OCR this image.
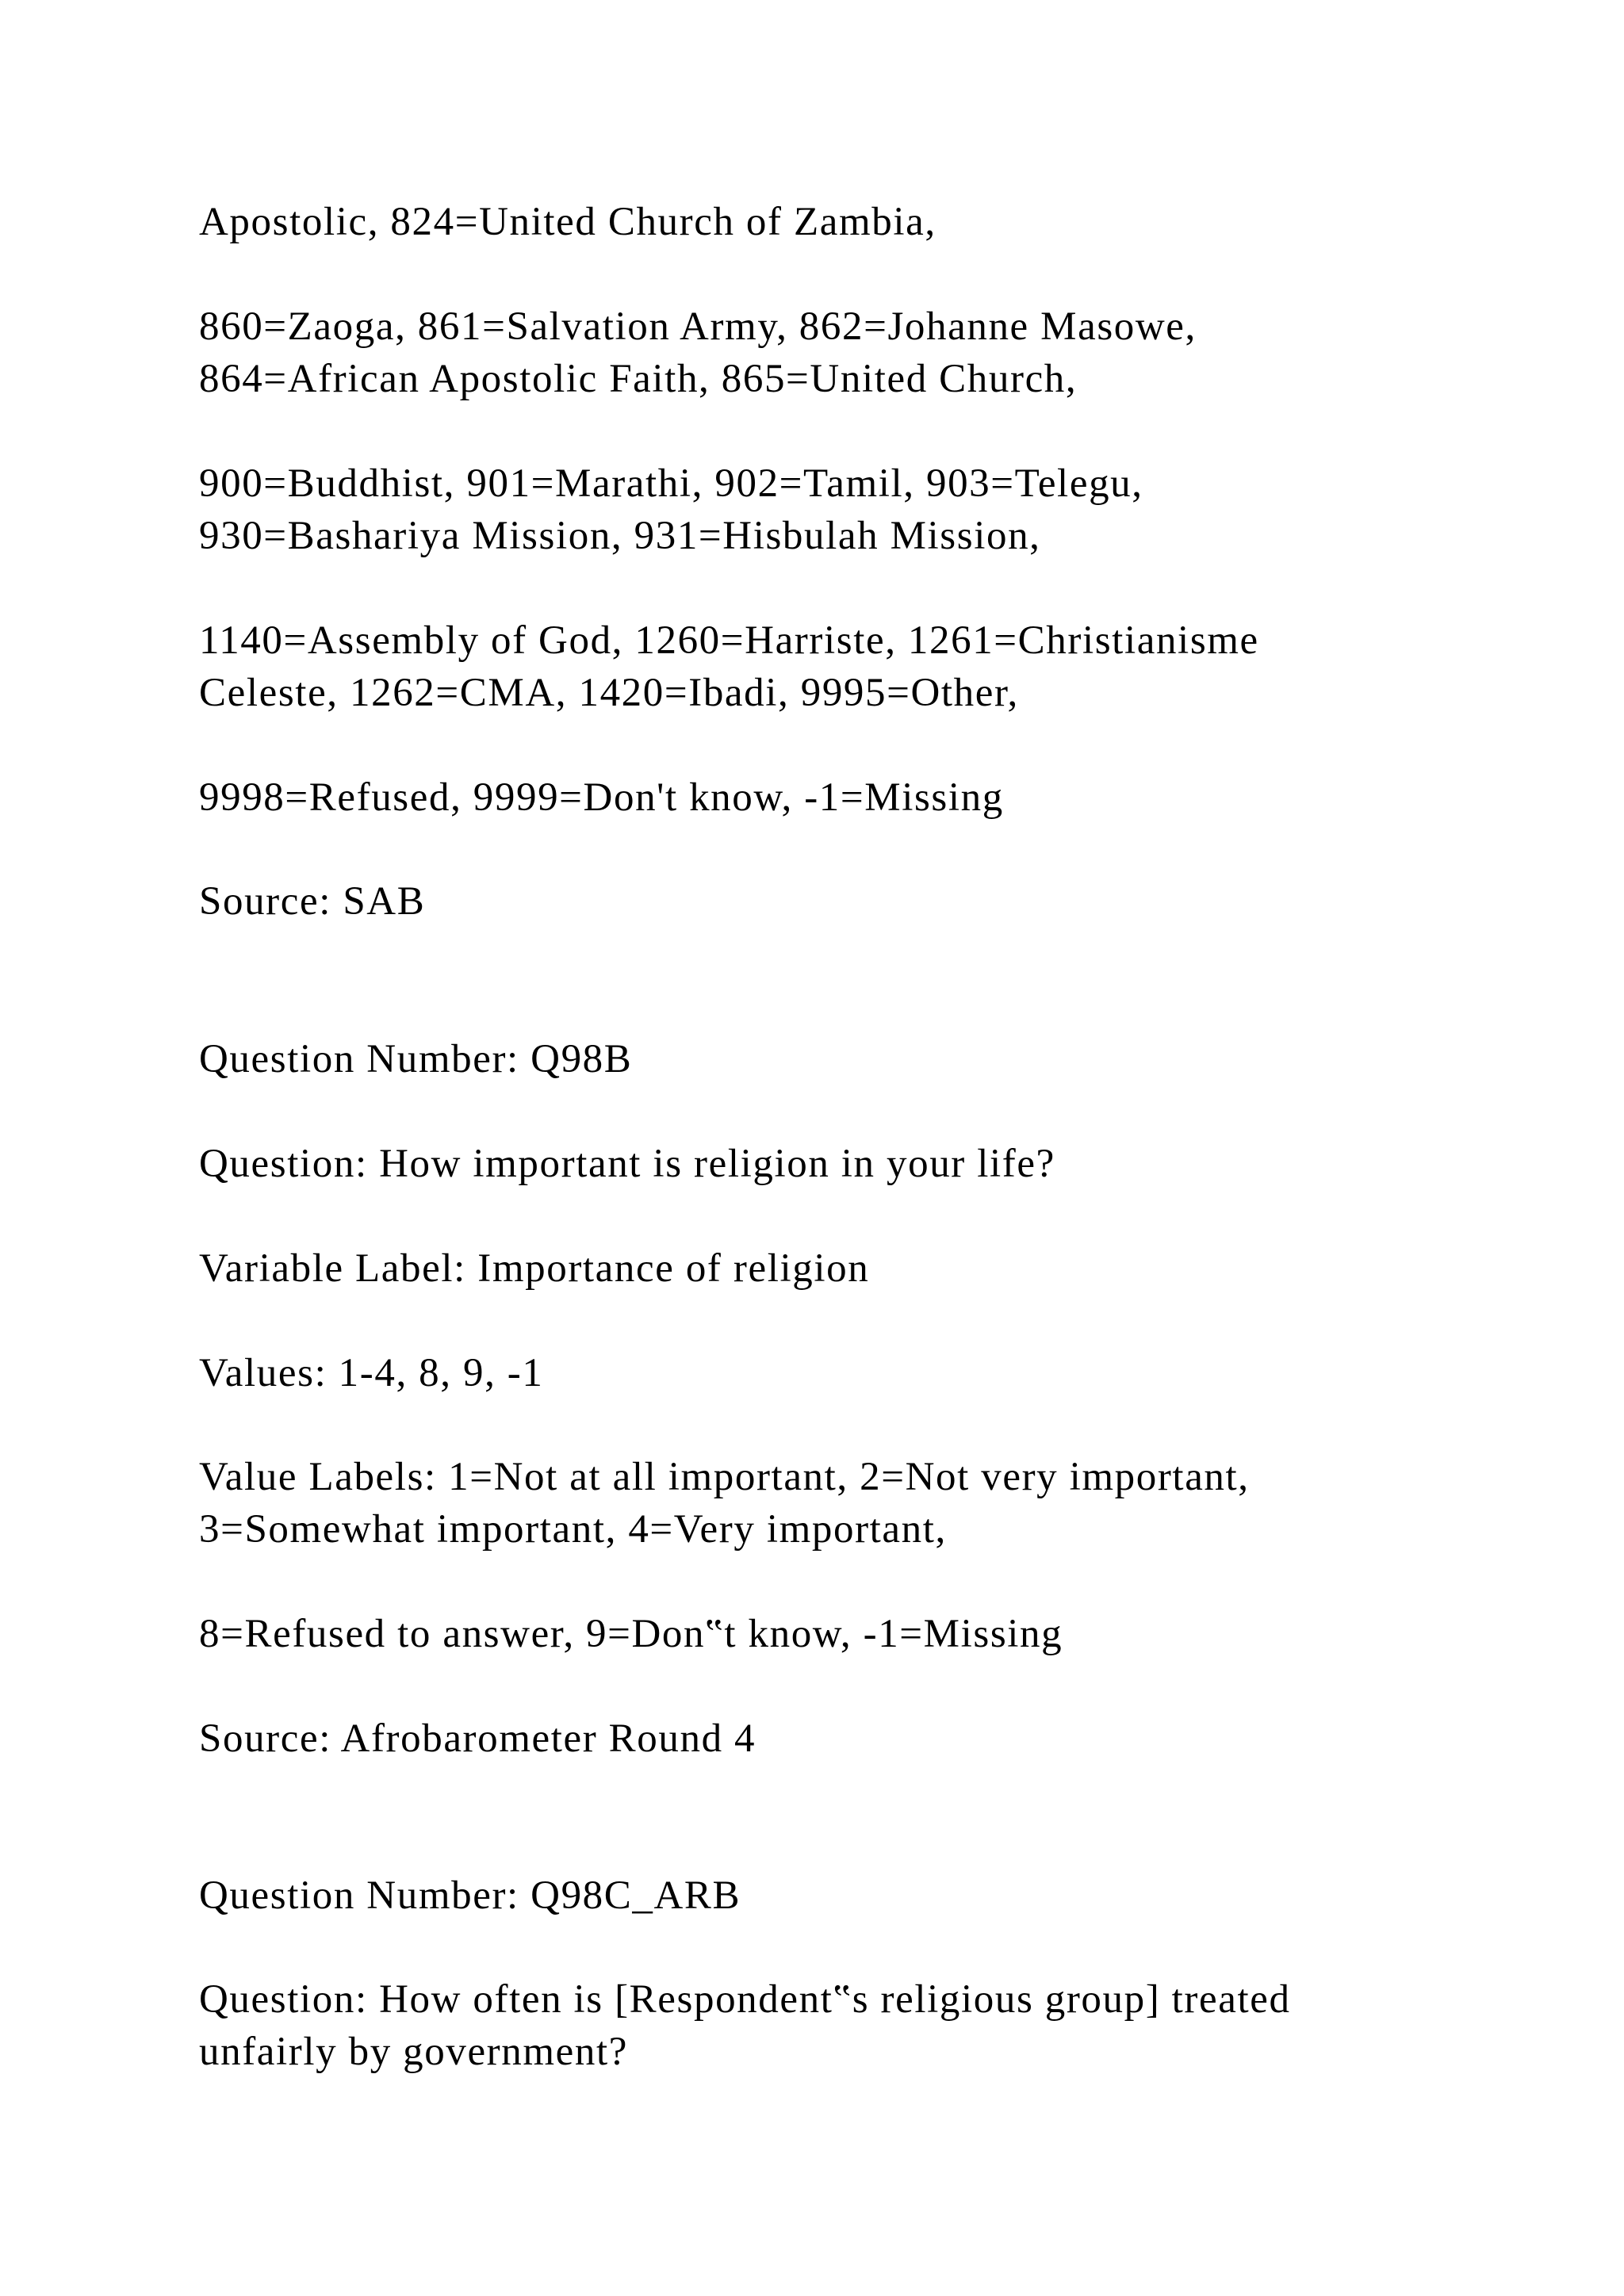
Apostolic, 824=United Church of Zambia,
860=Zaoga, 861=Salvation Army, 862=Johanne Masowe,
864=African Apostolic Faith, 865=United Church,
900=Buddhist, 901=Marathi, 902=Tamil, 903=Telegu,
930=Bashariya Mission, 931=Hisbulah Mission,
1140=Assembly of God, 1260=Harriste, 1261=Christianisme
Celeste, 1262=CMA, 1420=Ibadi, 9995=Other,
9998=Refused, 9999=Don't know, -1=Missing
Source: SAB
Question Number: Q98B
Question: How important is religion in your life?
Variable Label: Importance of religion
Values: 1-4, 8, 9, -1
Value Labels: 1=Not at all important, 2=Not very important,
3=Somewhat important, 4=Very important,
8=Refused to answer, 9=Don‟t know, -1=Missing
Source: Afrobarometer Round 4
Question Number: Q98C_ARB
Question: How often is [Respondent‟s religious group] treated
unfairly by government?
